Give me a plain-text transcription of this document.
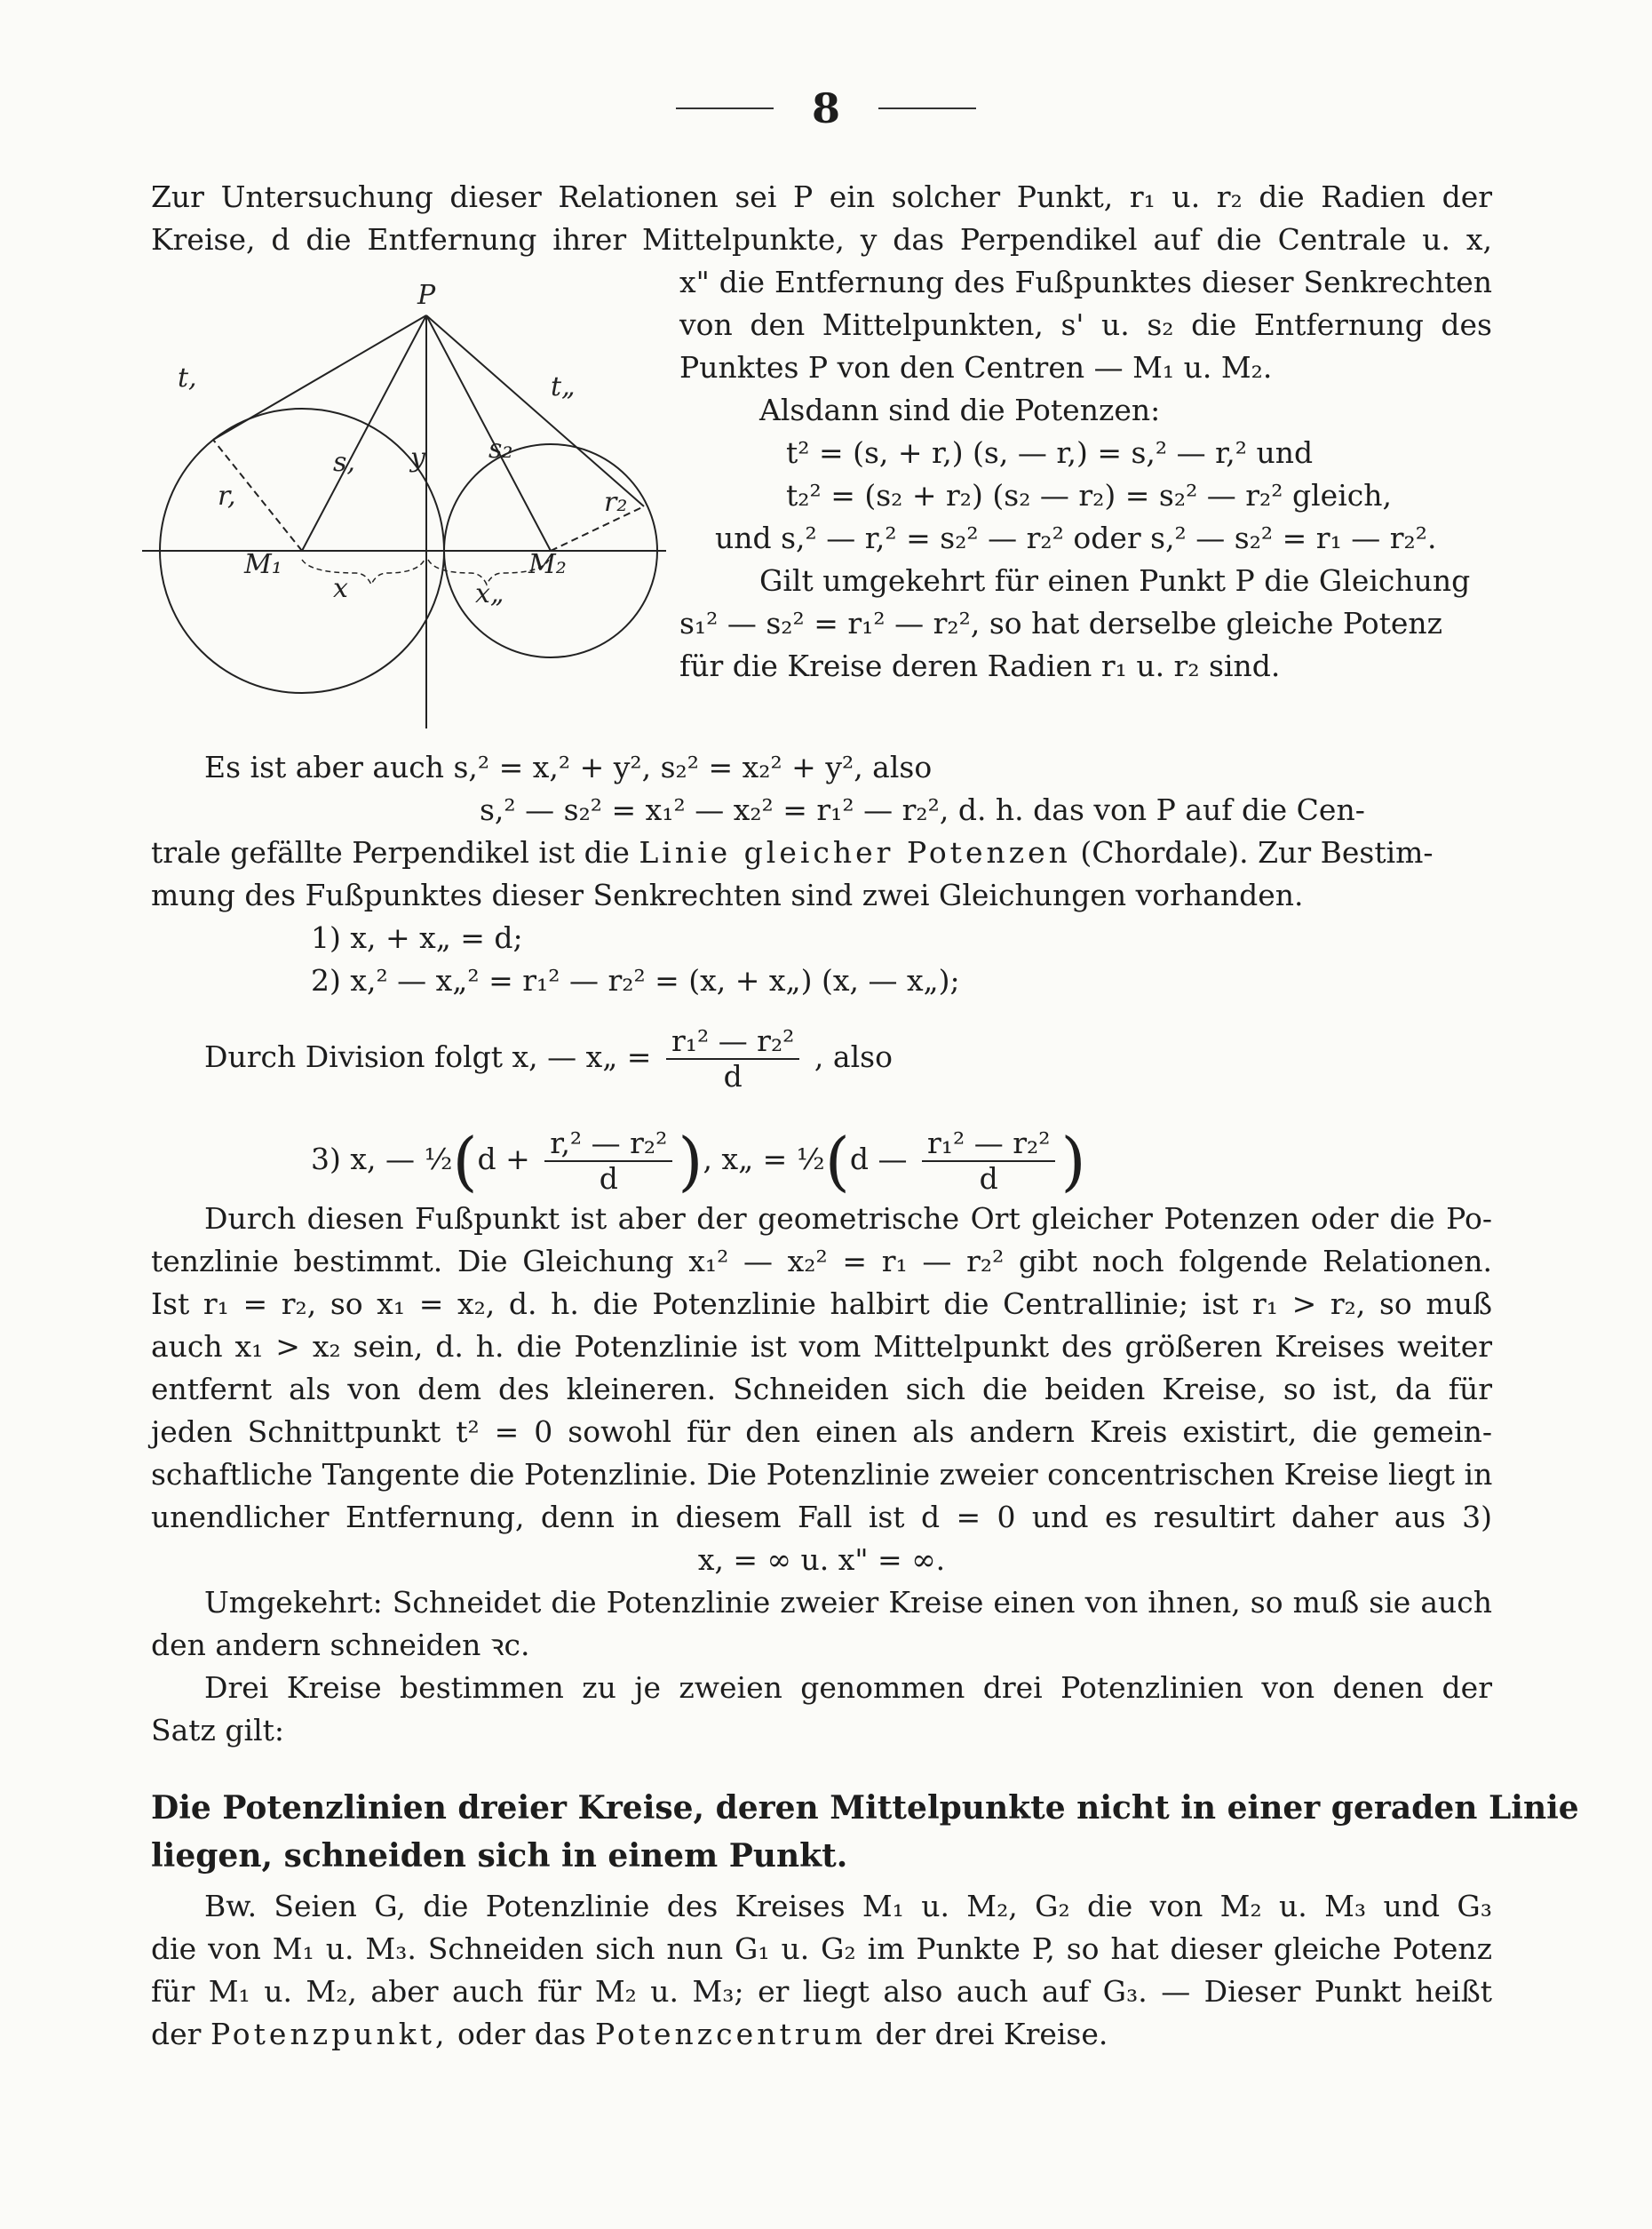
8
Zur Untersuchung dieser Relationen sei P ein solcher Punkt, r₁ u. r₂ die Radien der
Kreise, d die Entfernung ihrer Mittelpunkte, y das Perpendikel auf die Centrale u. x,
P
t,	t„
s,	s₂
y
r,	r₂
M₁	M₂
x	x„
x" die Entfernung des Fußpunktes dieser Senkrechten
von den Mittelpunkten, s' u. s₂ die Entfernung des
Punktes P von den Centren — M₁ u. M₂.
Alsdann sind die Potenzen:
t² = (s, + r,) (s, — r,) = s,² — r,² und
t₂² = (s₂ + r₂) (s₂ — r₂) = s₂² — r₂² gleich,
und s,² — r,² = s₂² — r₂² oder s,² — s₂² = r₁ — r₂².
Gilt umgekehrt für einen Punkt P die Gleichung
s₁² — s₂² = r₁² — r₂², so hat derselbe gleiche Potenz
für die Kreise deren Radien r₁ u. r₂ sind.
Es ist aber auch s,² = x,² + y², s₂² = x₂² + y², also
s,² — s₂² = x₁² — x₂² = r₁² — r₂², d. h. das von P auf die Cen-
trale gefällte Perpendikel ist die Linie gleicher Potenzen (Chordale). Zur Bestim-
mung des Fußpunktes dieser Senkrechten sind zwei Gleichungen vorhanden.
1) x, + x„ = d;
2) x,² — x„² = r₁² — r₂² = (x, + x„) (x, — x„);
Durch Division folgt x, — x„ = $\frac{\text{r₁² — r₂²}}{d}$ , also
3) x, — ½(d + $\frac{\text{r,² — r₂²}}{d}$ ), x„ = ½(d — $\frac{\text{r₁² — r₂²}}{d}$ )
Durch diesen Fußpunkt ist aber der geometrische Ort gleicher Potenzen oder die Po-
tenzlinie bestimmt. Die Gleichung x₁² — x₂² = r₁ — r₂² gibt noch folgende Relationen.
Ist r₁ = r₂, so x₁ = x₂, d. h. die Potenzlinie halbirt die Centrallinie; ist r₁ > r₂, so muß
auch x₁ > x₂ sein, d. h. die Potenzlinie ist vom Mittelpunkt des größeren Kreises weiter
entfernt als von dem des kleineren. Schneiden sich die beiden Kreise, so ist, da für
jeden Schnittpunkt t² = 0 sowohl für den einen als andern Kreis existirt, die gemein-
schaftliche Tangente die Potenzlinie. Die Potenzlinie zweier concentrischen Kreise liegt in
unendlicher Entfernung, denn in diesem Fall ist d = 0 und es resultirt daher aus 3)
x, = ∞ u. x" = ∞.
Umgekehrt: Schneidet die Potenzlinie zweier Kreise einen von ihnen, so muß sie auch
den andern schneiden ꝛc.
Drei Kreise bestimmen zu je zweien genommen drei Potenzlinien von denen der
Satz gilt:
Die Potenzlinien dreier Kreise, deren Mittelpunkte nicht in einer geraden Linie
liegen, schneiden sich in einem Punkt.
Bw. Seien G, die Potenzlinie des Kreises M₁ u. M₂, G₂ die von M₂ u. M₃ und G₃
die von M₁ u. M₃. Schneiden sich nun G₁ u. G₂ im Punkte P, so hat dieser gleiche Potenz
für M₁ u. M₂, aber auch für M₂ u. M₃; er liegt also auch auf G₃. — Dieser Punkt heißt
der Potenzpunkt, oder das Potenzcentrum der drei Kreise.
